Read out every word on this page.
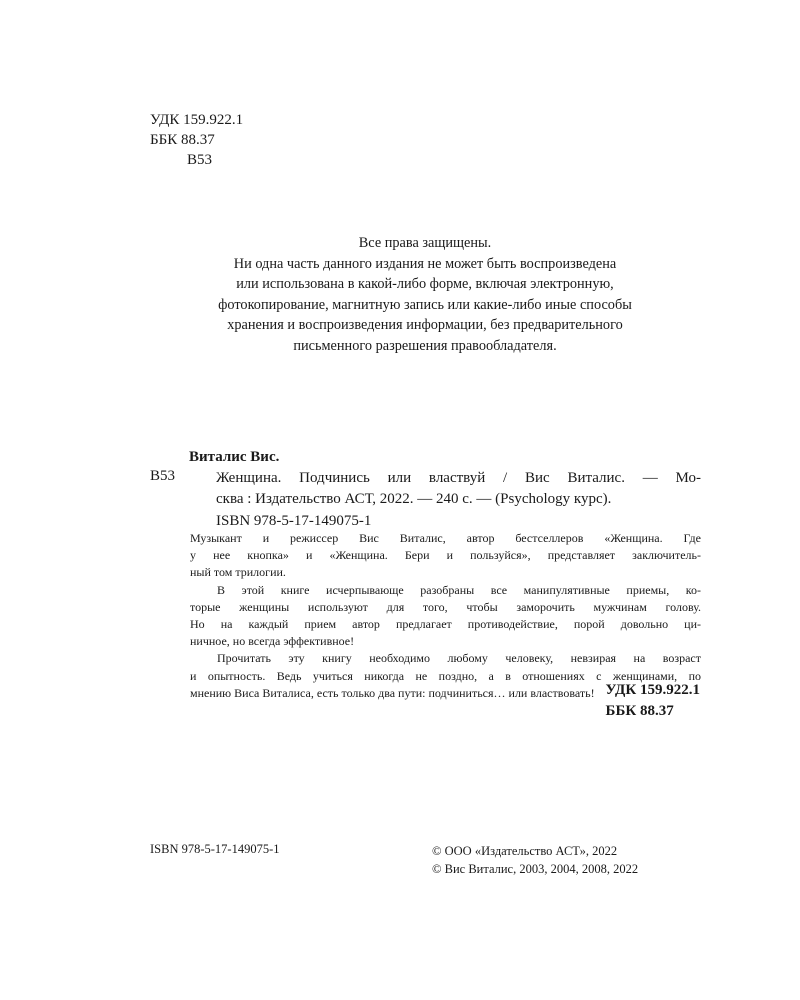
УДК 159.922.1
ББК 88.37
В53
Все права защищены.
Ни одна часть данного издания не может быть воспроизведена
или использована в какой-либо форме, включая электронную,
фотокопирование, магнитную запись или какие-либо иные способы
хранения и воспроизведения информации, без предварительного
письменного разрешения правообладателя.
Виталис Вис.
В53	Женщина. Подчинись или властвуй / Вис Виталис. — Мо-
сква : Издательство АСТ, 2022. — 240 с. — (Psychology курс).
ISBN 978-5-17-149075-1
Музыкант и режиссер Вис Виталис, автор бестселлеров «Женщина. Где
у нее кнопка» и «Женщина. Бери и пользуйся», представляет заключитель-
ный том трилогии.
В этой книге исчерпывающе разобраны все манипулятивные приемы, ко-
торые женщины используют для того, чтобы заморочить мужчинам голову.
Но на каждый прием автор предлагает противодействие, порой довольно ци-
ничное, но всегда эффективное!
Прочитать эту книгу необходимо любому человеку, невзирая на возраст
и опытность. Ведь учиться никогда не поздно, а в отношениях с женщинами, по
мнению Виса Виталиса, есть только два пути: подчиниться… или властвовать! УДК 159.922.1
ББК 88.37
ISBN 978-5-17-149075-1	© ООО «Издательство АСТ», 2022
© Вис Виталис, 2003, 2004, 2008, 2022
